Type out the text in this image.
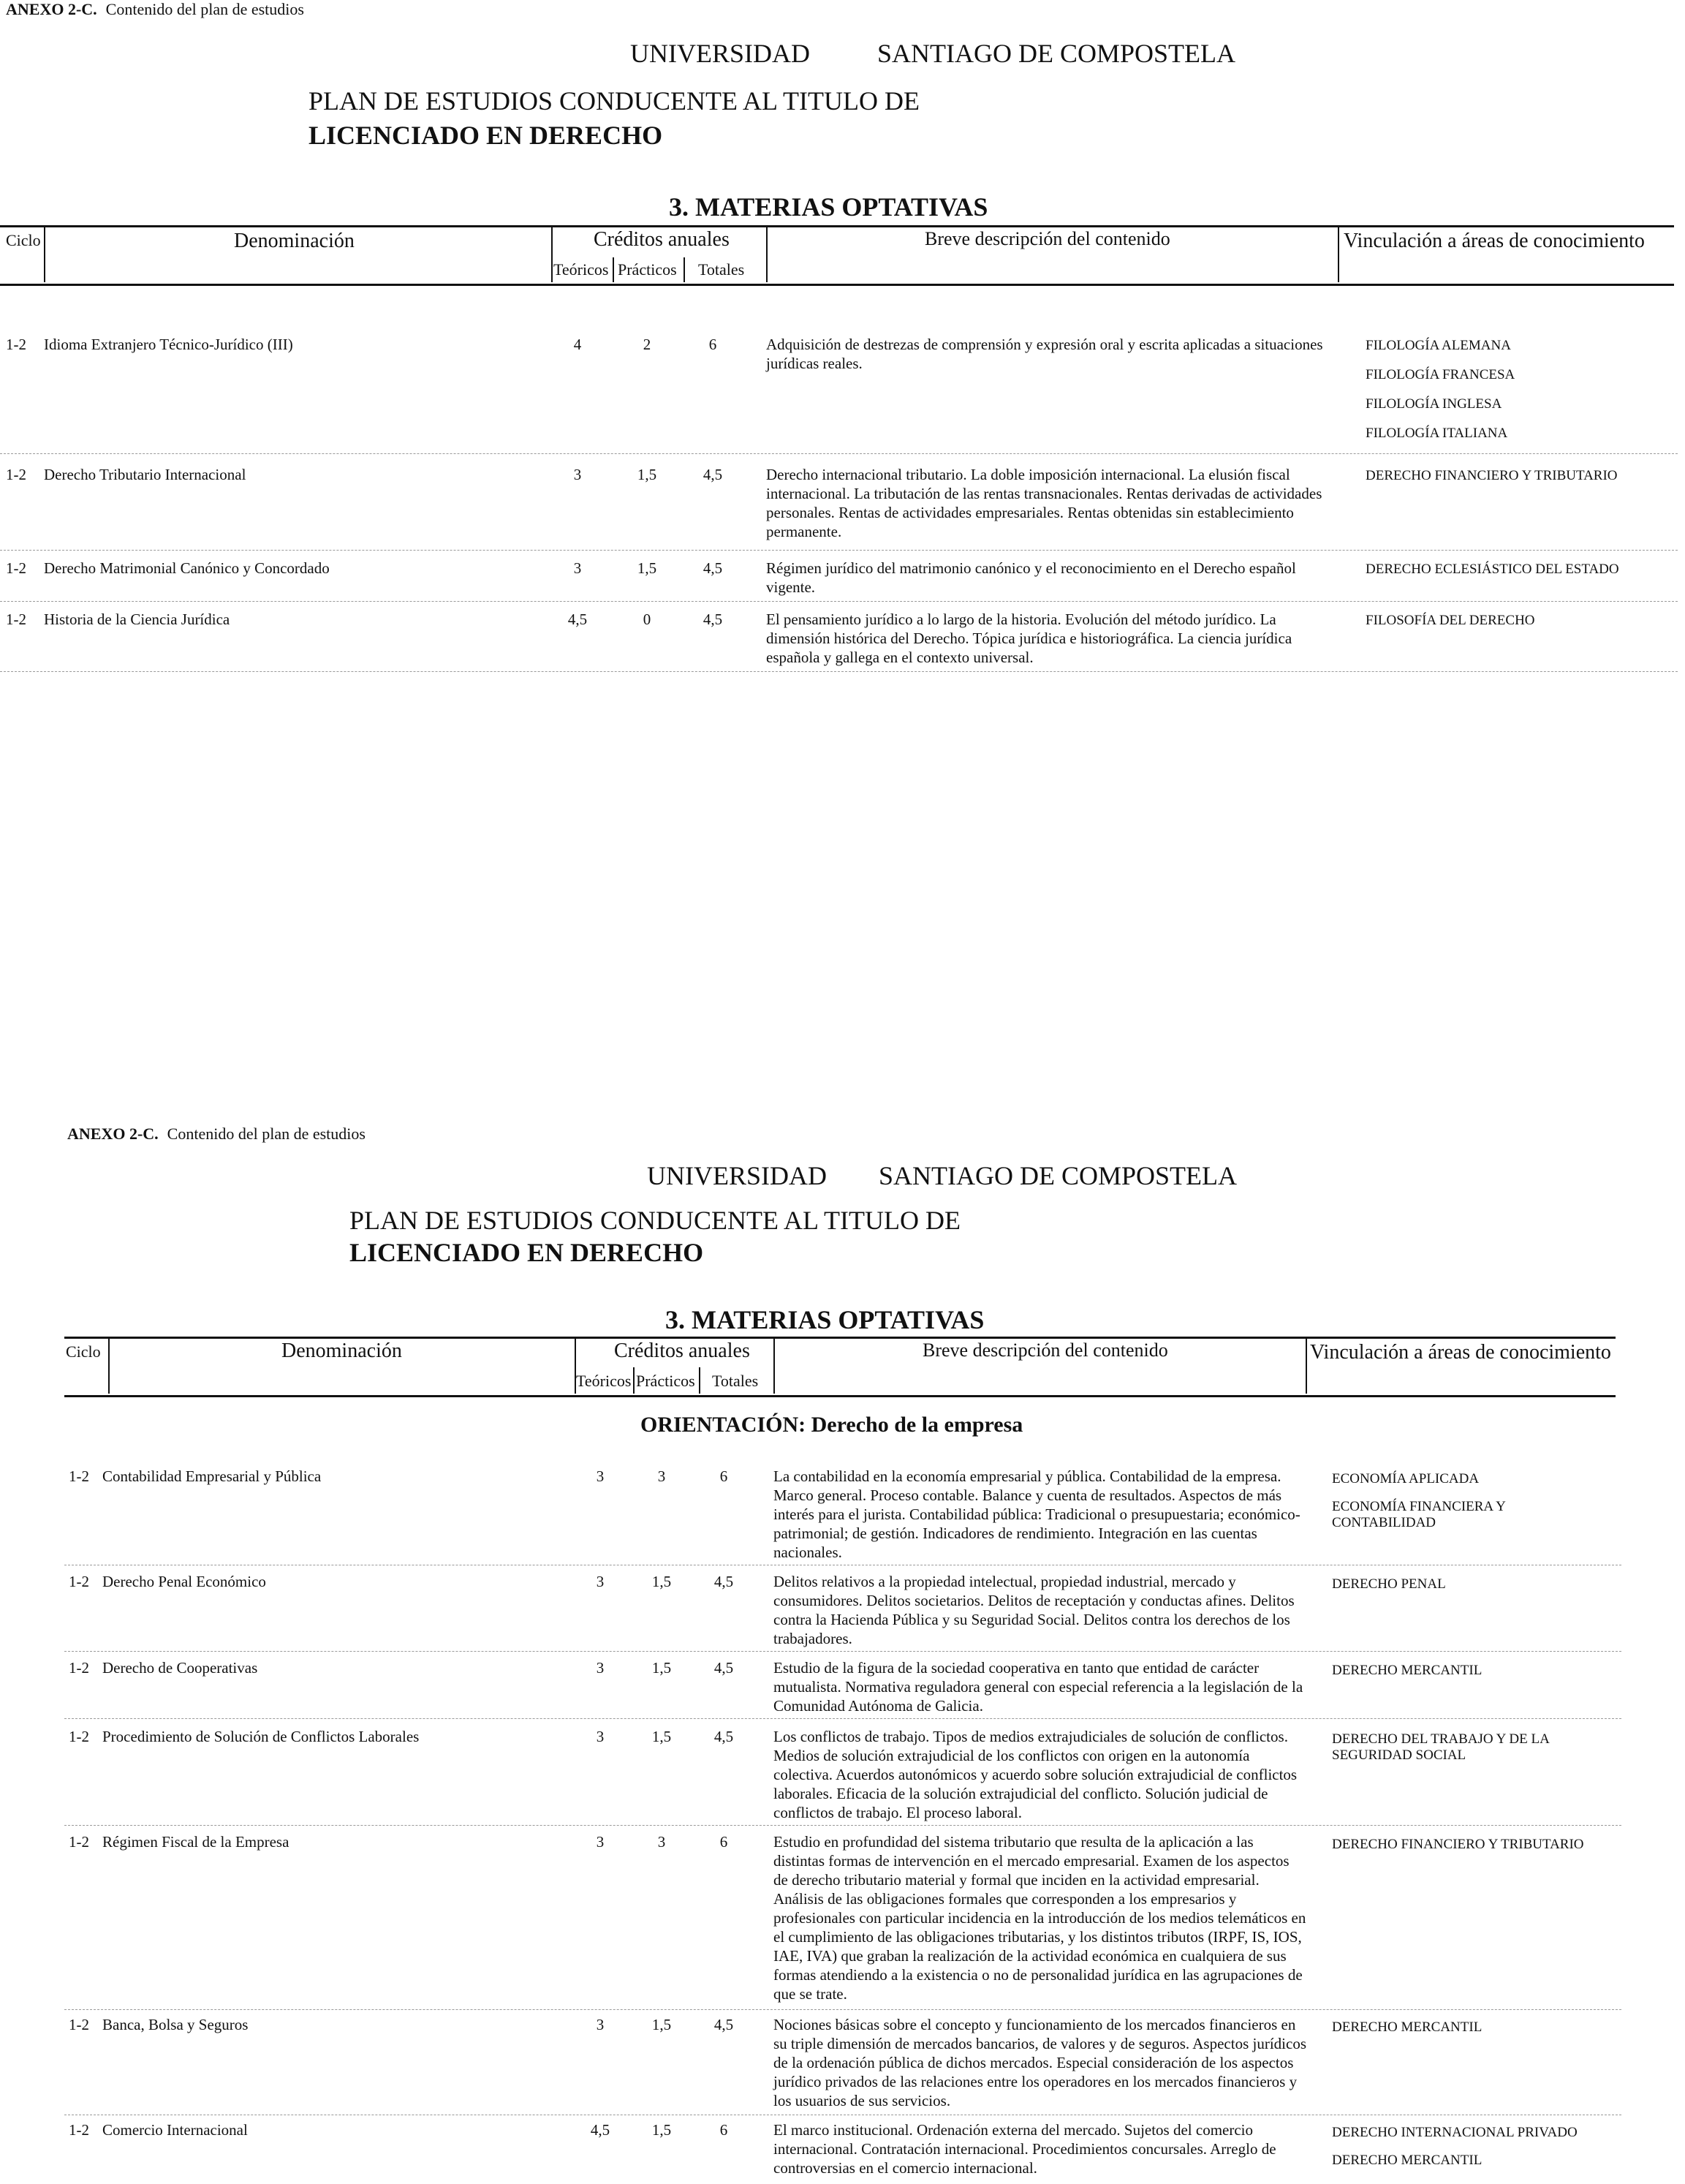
ANEXO 2-C. Contenido del plan de estudios
UNIVERSIDAD	SANTIAGO DE COMPOSTELA
PLAN DE ESTUDIOS CONDUCENTE AL TITULO DE
LICENCIADO EN DERECHO
3. MATERIAS OPTATIVAS
Ciclo	Denominación	Créditos anuales
Teóricos Prácticos Totales
Breve descripción del contenido	Vinculación a áreas de conocimiento
1-2 Idioma Extranjero Técnico-Jurídico (III)	4	2	6	Adquisición de destrezas de comprensión y expresión oral y escrita aplicadas a situaciones jurídicas reales.
FILOLOGÍA ALEMANA
FILOLOGÍA FRANCESA
FILOLOGÍA INGLESA
FILOLOGÍA ITALIANA
1-2 Derecho Tributario Internacional	3	1,5	4,5	Derecho internacional tributario. La doble imposición internacional. La elusión fiscal internacional. La tributación de las rentas transnacionales. Rentas derivadas de actividades personales. Rentas de actividades empresariales. Rentas obtenidas sin establecimiento permanente.
DERECHO FINANCIERO Y TRIBUTARIO
1-2 Derecho Matrimonial Canónico y Concordado	3	1,5	4,5	Régimen jurídico del matrimonio canónico y el reconocimiento en el Derecho español vigente.
DERECHO ECLESIÁSTICO DEL ESTADO
1-2 Historia de la Ciencia Jurídica	4,5	0	4,5	El pensamiento jurídico a lo largo de la historia. Evolución del método jurídico. La dimensión histórica del Derecho. Tópica jurídica e historiográfica. La ciencia jurídica española y gallega en el contexto universal.
FILOSOFÍA DEL DERECHO
ANEXO 2-C. Contenido del plan de estudios
UNIVERSIDAD SANTIAGO DE COMPOSTELA
PLAN DE ESTUDIOS CONDUCENTE AL TITULO DE
LICENCIADO EN DERECHO
3. MATERIAS OPTATIVAS
Ciclo	Denominación	Créditos anuales
Teóricos Prácticos Totales
Breve descripción del contenido	Vinculación a áreas de conocimiento
ORIENTACIÓN: Derecho de la empresa
1-2 Contabilidad Empresarial y Pública	3	3	6	La contabilidad en la economía empresarial y pública. Contabilidad de la empresa. Marco general. Proceso contable. Balance y cuenta de resultados. Aspectos de más interés para el jurista. Contabilidad pública: Tradicional o presupuestaria; económico-patrimonial; de gestión. Indicadores de rendimiento. Integración en las cuentas nacionales.
ECONOMÍA APLICADA
ECONOMÍA FINANCIERA Y CONTABILIDAD
1-2 Derecho Penal Económico	3	1,5	4,5	Delitos relativos a la propiedad intelectual, propiedad industrial, mercado y consumidores. Delitos societarios. Delitos de receptación y conductas afines. Delitos contra la Hacienda Pública y su Seguridad Social. Delitos contra los derechos de los trabajadores.
DERECHO PENAL
1-2 Derecho de Cooperativas	3	1,5	4,5	Estudio de la figura de la sociedad cooperativa en tanto que entidad de carácter mutualista. Normativa reguladora general con especial referencia a la legislación de la Comunidad Autónoma de Galicia.
DERECHO MERCANTIL
1-2 Procedimiento de Solución de Conflictos Laborales	3	1,5	4,5	Los conflictos de trabajo. Tipos de medios extrajudiciales de solución de conflictos. Medios de solución extrajudicial de los conflictos con origen en la autonomía colectiva. Acuerdos autonómicos y acuerdo sobre solución extrajudicial de conflictos laborales. Eficacia de la solución extrajudicial del conflicto. Solución judicial de conflictos de trabajo. El proceso laboral.
DERECHO DEL TRABAJO Y DE LA SEGURIDAD SOCIAL
1-2 Régimen Fiscal de la Empresa	3	3	6	Estudio en profundidad del sistema tributario que resulta de la aplicación a las distintas formas de intervención en el mercado empresarial. Examen de los aspectos de derecho tributario material y formal que inciden en la actividad empresarial. Análisis de las obligaciones formales que corresponden a los empresarios y profesionales con particular incidencia en la introducción de los medios telemáticos en el cumplimiento de las obligaciones tributarias, y los distintos tributos (IRPF, IS, IOS, IAE, IVA) que graban la realización de la actividad económica en cualquiera de sus formas atendiendo a la existencia o no de personalidad jurídica en las agrupaciones de que se trate.
DERECHO FINANCIERO Y TRIBUTARIO
1-2 Banca, Bolsa y Seguros	3	1,5	4,5	Nociones básicas sobre el concepto y funcionamiento de los mercados financieros en su triple dimensión de mercados bancarios, de valores y de seguros. Aspectos jurídicos de la ordenación pública de dichos mercados. Especial consideración de los aspectos jurídico privados de las relaciones entre los operadores en los mercados financieros y los usuarios de sus servicios.
DERECHO MERCANTIL
1-2 Comercio Internacional	4,5	1,5	6	El marco institucional. Ordenación externa del mercado. Sujetos del comercio internacional. Contratación internacional. Procedimientos concursales. Arreglo de controversias en el comercio internacional.
DERECHO INTERNACIONAL PRIVADO
DERECHO MERCANTIL
